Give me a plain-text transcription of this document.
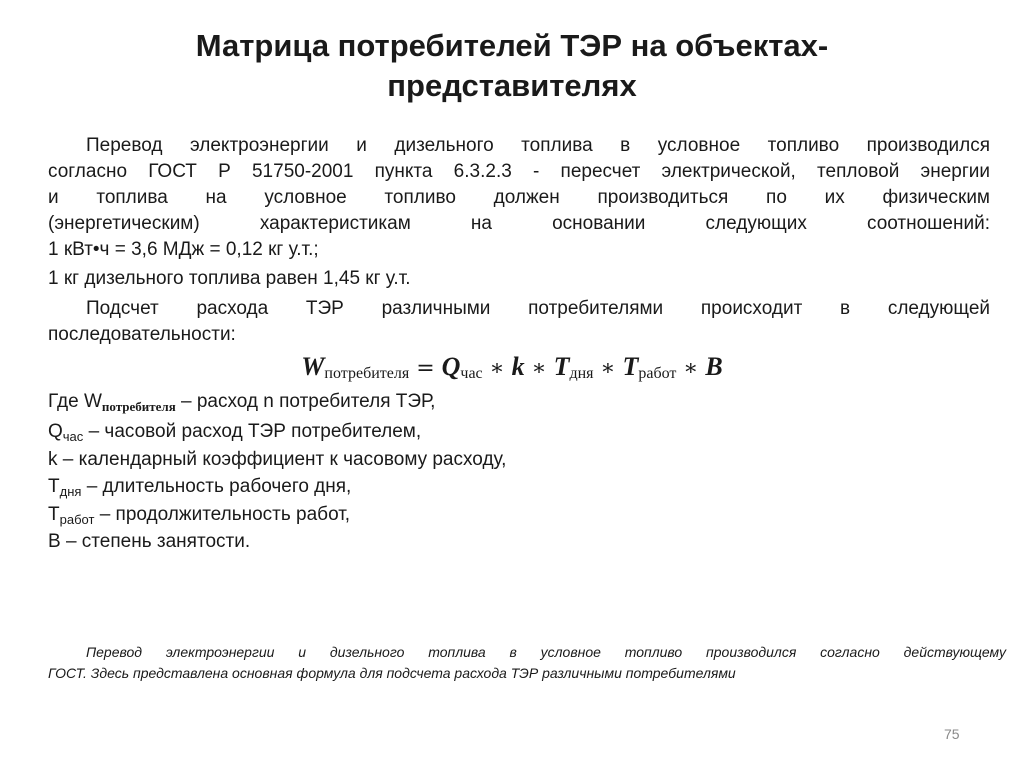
Матрица потребителей ТЭР на объектах-
представителях
Перевод электроэнергии и дизельного топлива в условное топливо производился
согласно ГОСТ Р 51750-2001 пункта 6.3.2.3 - пересчет электрической, тепловой энергии
и топлива на условное топливо должен производиться по их физическим
(энергетическим) характеристикам на основании следующих соотношений:
1 кВт•ч = 3,6 МДж = 0,12 кг у.т.;
1 кг дизельного топлива равен 1,45 кг у.т.
Подсчет расхода ТЭР различными потребителями происходит в следующей
последовательности:
$W_{потребителя} = Q_{час}$ ∗ k ∗ $T_{дня}$ ∗ $T_{работ}$ ∗ B
Где $W_{потребителя}$ – расход n потребителя ТЭР,
$Q_{час}$ – часовой расход ТЭР потребителем,
k – календарный коэффициент к часовому расходу,
$Т_{дня}$ – длительность рабочего дня,
$Т_{работ}$ – продолжительность работ,
В – степень занятости.
Перевод электроэнергии и дизельного топлива в условное топливо производился согласно действующему
ГОСТ. Здесь представлена основная формула для подсчета расхода ТЭР различными потребителями
75
